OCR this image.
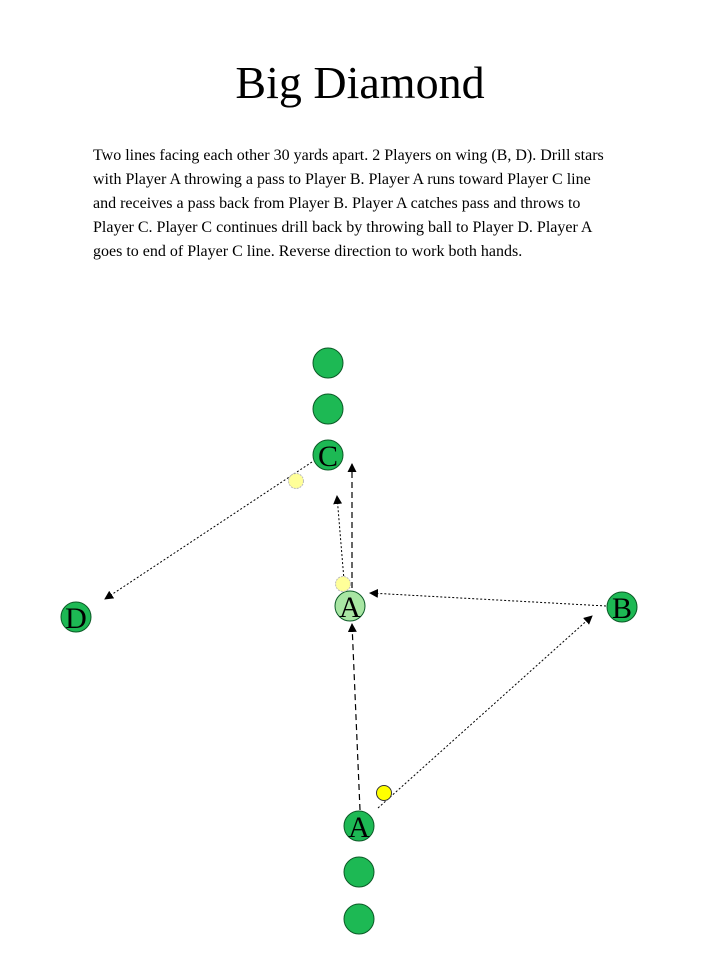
Big Diamond
Two lines facing each other 30 yards apart. 2 Players on wing (B, D). Drill stars with Player A throwing a pass to Player B. Player A runs toward Player C line and receives a pass back from Player B. Player A catches pass and throws to Player C. Player C continues drill back by throwing ball to Player D. Player A goes to end of Player C line. Reverse direction to work both hands.
C
D	B
A
A
